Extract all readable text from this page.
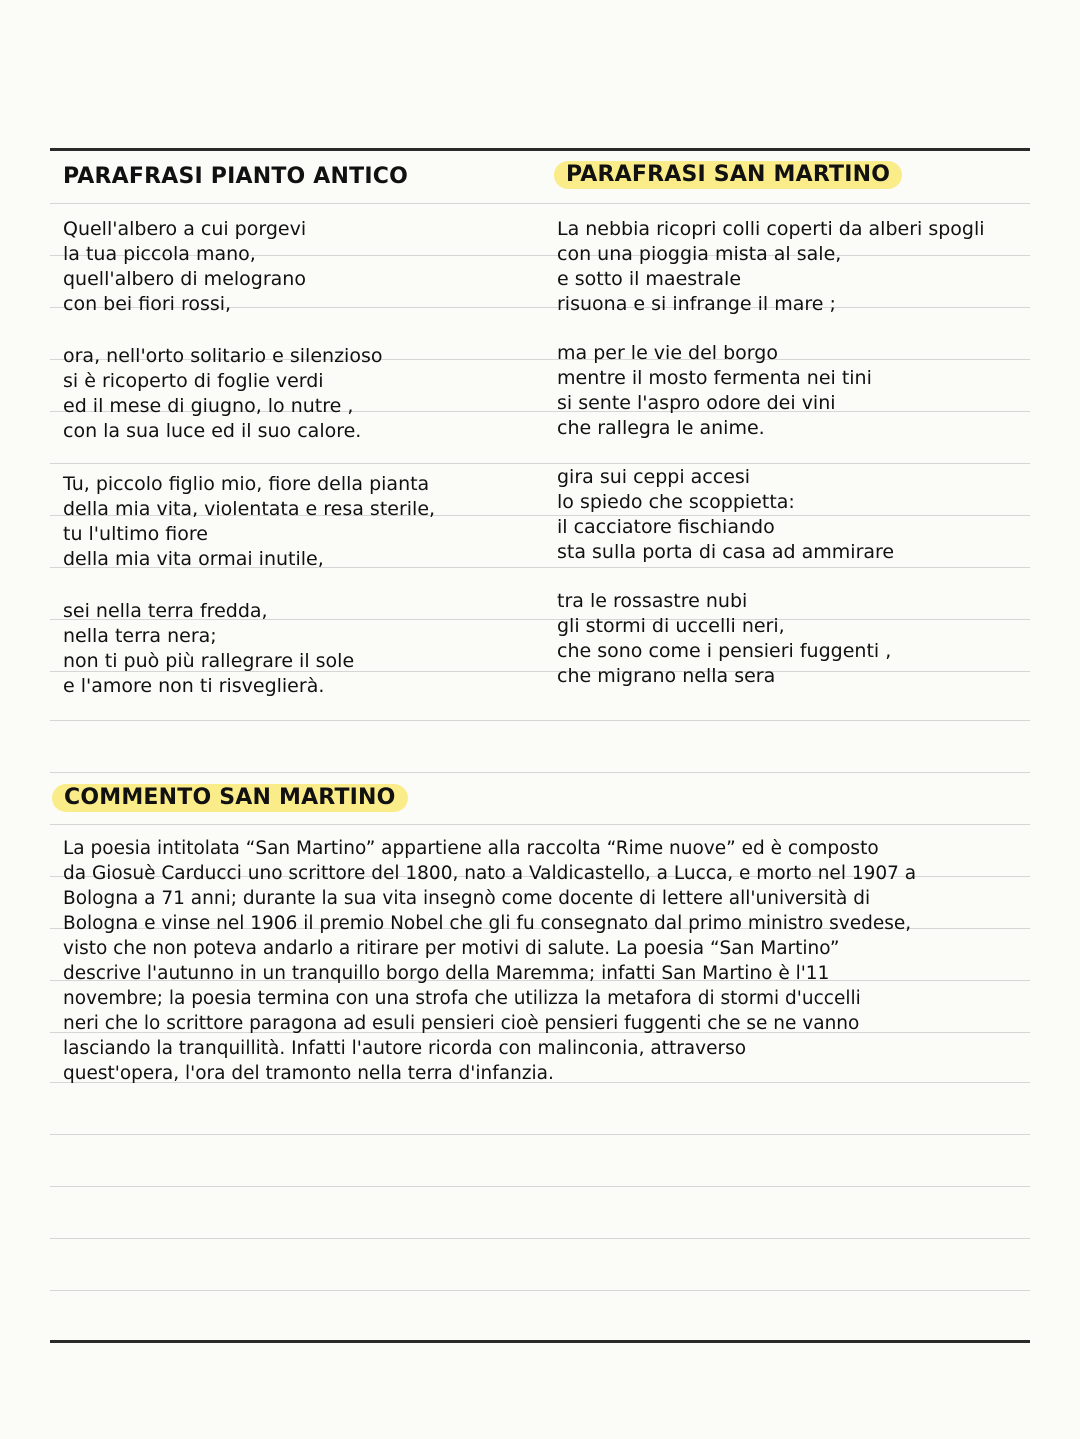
PARAFRASI PIANTO ANTICO	PARAFRASI SAN MARTINO
Quell'albero a cui porgevi
la tua piccola mano,
quell'albero di melograno
con bei fiori rossi,
ora, nell'orto solitario e silenzioso
si è ricoperto di foglie verdi
ed il mese di giugno, lo nutre ,
con la sua luce ed il suo calore.
Tu, piccolo figlio mio, fiore della pianta
della mia vita, violentata e resa sterile,
tu l'ultimo fiore
della mia vita ormai inutile,
sei nella terra fredda,
nella terra nera;
non ti può più rallegrare il sole
e l'amore non ti risveglierà.
La nebbia ricopri colli coperti da alberi spogli
con una pioggia mista al sale,
e sotto il maestrale
risuona e si infrange il mare ;
ma per le vie del borgo
mentre il mosto fermenta nei tini
si sente l'aspro odore dei vini
che rallegra le anime.
gira sui ceppi accesi
lo spiedo che scoppietta:
il cacciatore fischiando
sta sulla porta di casa ad ammirare
tra le rossastre nubi
gli stormi di uccelli neri,
che sono come i pensieri fuggenti ,
che migrano nella sera
COMMENTO SAN MARTINO
La poesia intitolata “San Martino” appartiene alla raccolta “Rime nuove” ed è composto
da Giosuè Carducci uno scrittore del 1800, nato a Valdicastello, a Lucca, e morto nel 1907 a
Bologna a 71 anni; durante la sua vita insegnò come docente di lettere all'università di
Bologna e vinse nel 1906 il premio Nobel che gli fu consegnato dal primo ministro svedese,
visto che non poteva andarlo a ritirare per motivi di salute. La poesia “San Martino”
descrive l'autunno in un tranquillo borgo della Maremma; infatti San Martino è l'11
novembre; la poesia termina con una strofa che utilizza la metafora di stormi d'uccelli
neri che lo scrittore paragona ad esuli pensieri cioè pensieri fuggenti che se ne vanno
lasciando la tranquillità. Infatti l'autore ricorda con malinconia, attraverso
quest'opera, l'ora del tramonto nella terra d'infanzia.
